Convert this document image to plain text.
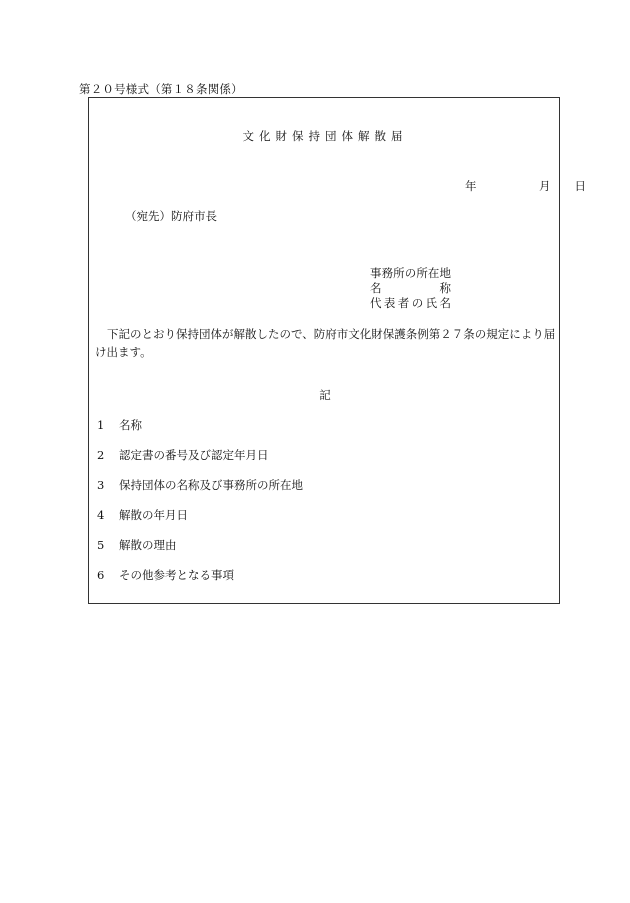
第２０号様式（第１８条関係）
文化財保持団体解散届
年	月 日
（宛先）防府市長
事務所の所在地
名称
代表者の氏名
下記のとおり保持団体が解散したので、防府市文化財保護条例第２７条の規定により届け出ます。
記
1 名称
2 認定書の番号及び認定年月日
3 保持団体の名称及び事務所の所在地
4 解散の年月日
5 解散の理由
6 その他参考となる事項
